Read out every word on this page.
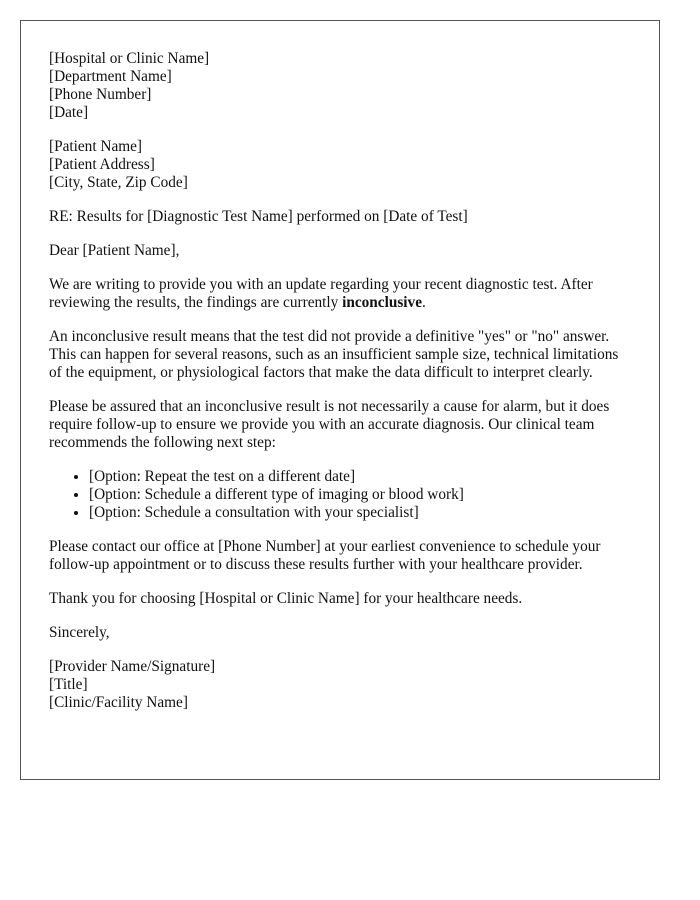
[Hospital or Clinic Name]
[Department Name]
[Phone Number]
[Date]
[Patient Name]
[Patient Address]
[City, State, Zip Code]

RE: Results for [Diagnostic Test Name] performed on [Date of Test]

Dear [Patient Name],

We are writing to provide you with an update regarding your recent diagnostic test. After reviewing the results, the findings are currently inconclusive.

An inconclusive result means that the test did not provide a definitive "yes" or "no" answer. This can happen for several reasons, such as an insufficient sample size, technical limitations of the equipment, or physiological factors that make the data difficult to interpret clearly.

Please be assured that an inconclusive result is not necessarily a cause for alarm, but it does require follow-up to ensure we provide you with an accurate diagnosis. Our clinical team recommends the following next step:

• [Option: Repeat the test on a different date]
• [Option: Schedule a different type of imaging or blood work]
• [Option: Schedule a consultation with your specialist]

Please contact our office at [Phone Number] at your earliest convenience to schedule your follow-up appointment or to discuss these results further with your healthcare provider.

Thank you for choosing [Hospital or Clinic Name] for your healthcare needs.

Sincerely,

[Provider Name/Signature]
[Title]
[Clinic/Facility Name]
